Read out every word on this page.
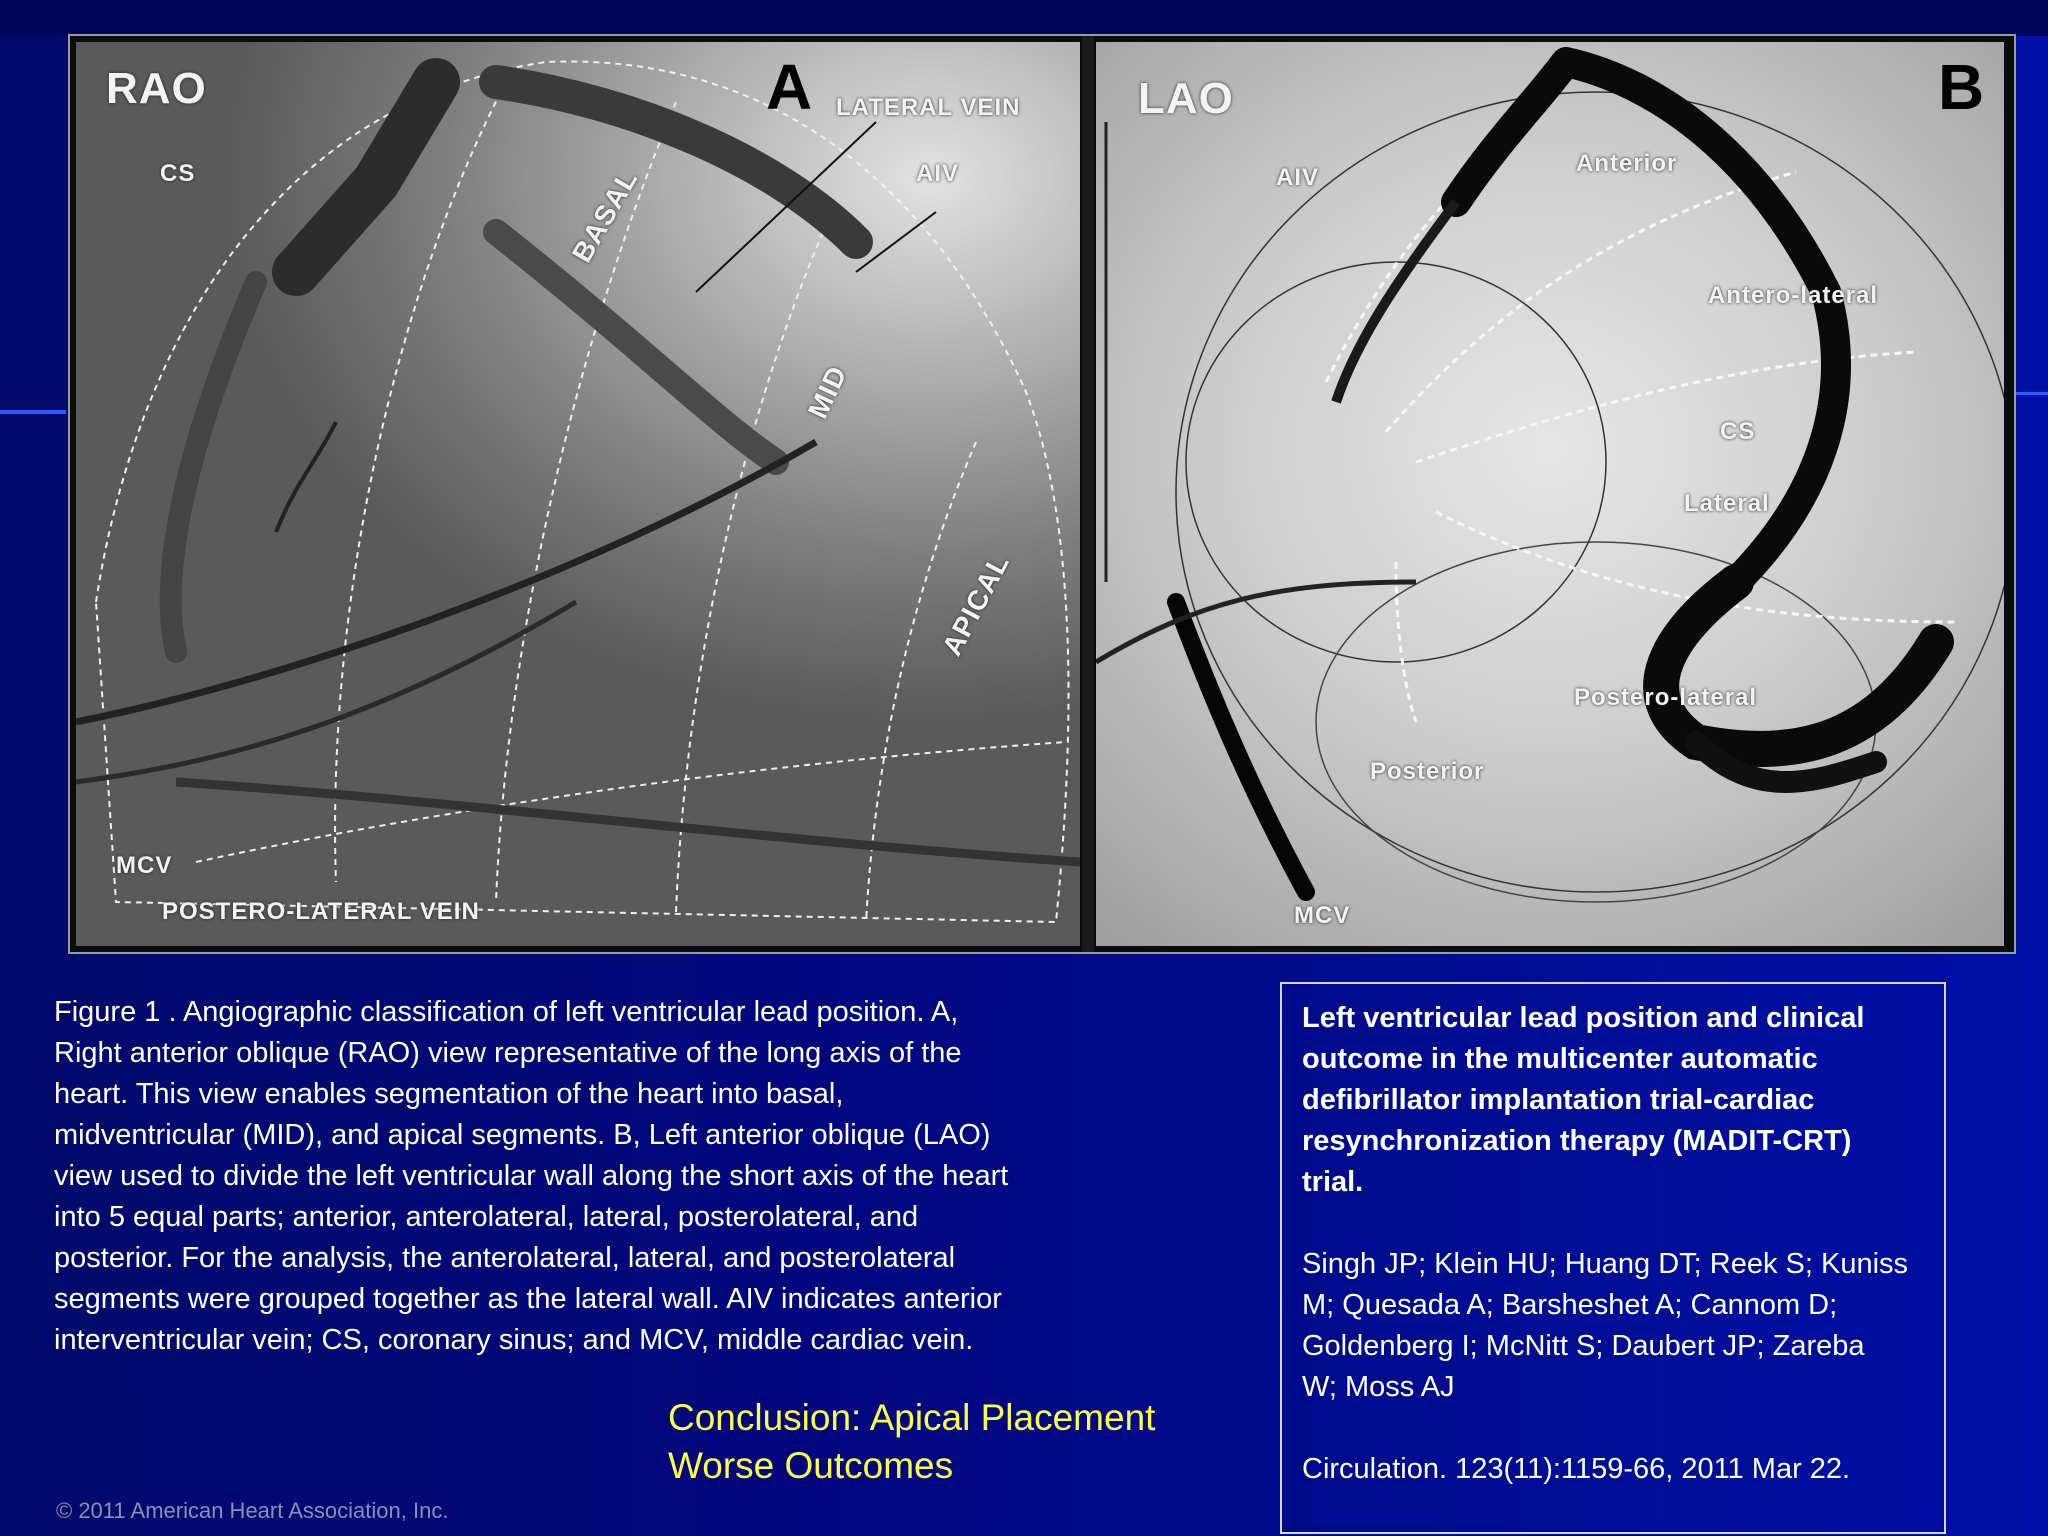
RAO	A LATERAL VEIN
CS	AIV
BASAL
MID
APICAL
MCV
POSTERO-LATERAL VEIN
LAO	B
AIV
Anterior
Antero-lateral
CS
Lateral
Postero-lateral
Posterior
MCV

Figure 1 . Angiographic classification of left ventricular lead position. A,

Right anterior oblique (RAO) view representative of the long axis of the

heart. This view enables segmentation of the heart into basal,

midventricular (MID), and apical segments. B, Left anterior oblique (LAO)

view used to divide the left ventricular wall along the short axis of the heart

into 5 equal parts; anterior, anterolateral, lateral, posterolateral, and

posterior. For the analysis, the anterolateral, lateral, and posterolateral

segments were grouped together as the lateral wall. AIV indicates anterior

interventricular vein; CS, coronary sinus; and MCV, middle cardiac vein.

Conclusion: Apical Placement
Worse Outcomes
© 2011 American Heart Association, Inc.

Left ventricular lead position and clinical

outcome in the multicenter automatic

defibrillator implantation trial-cardiac

resynchronization therapy (MADIT-CRT)

trial.

Singh JP; Klein HU; Huang DT; Reek S; Kuniss

M; Quesada A; Barsheshet A; Cannom D;

Goldenberg I; McNitt S; Daubert JP; Zareba

W; Moss AJ

Circulation. 123(11):1159-66, 2011 Mar 22.
